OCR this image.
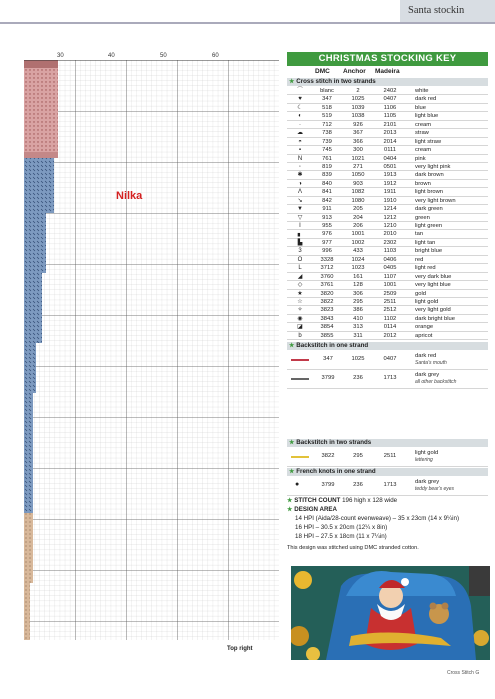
Santa stockin
30	40	50	60
Nilka
Top right
CHRISTMAS STOCKING KEY
DMC	Anchor	Madeira
★ Cross stitch in two strands
⌒	blanc	2	2402	white
♥	347	1025	0407	dark red
☾	518	1039	1106	blue
◐	519	1038	1105	light blue
·	712	926	2101	cream
☁	738	367	2013	straw
◓	739	366	2014	light straw
▪	745	300	0111	cream
N	761	1021	0404	pink
◦	819	271	0501	very light pink
✱	839	1050	1913	dark brown
◑	840	903	1912	brown
Λ	841	1082	1911	light brown
↘	842	1080	1910	very light brown
▼	911	205	1214	dark green
▽	913	204	1212	green
I	955	206	1210	light green
▖	976	1001	2010	tan
▙	977	1002	2302	light tan
3	996	433	1103	bright blue
O	3328	1024	0406	red
L	3712	1023	0405	light red
◢	3760	161	1107	very dark blue
◇	3761	128	1001	very light blue
★	3820	306	2509	gold
☆	3822	295	2511	light gold
✧	3823	386	2512	very light gold
◉	3843	410	1102	dark bright blue
◪	3854	313	0114	orange
b	3855	311	2012	apricot
★ Backstitch in one strand
347	1025	0407	dark red
Santa's mouth
3799	236	1713	dark grey
all other backstitch
★ Backstitch in two strands
3822	295	2511	light gold
lettering
★ French knots in one strand
●	3799	236	1713	dark grey
teddy bear's eyes
★ STITCH COUNT 196 high x 128 wide
★ DESIGN AREA
14 HPI (Aida/28-count evenweave) – 35 x 23cm (14 x 9¼in)
16 HPI – 30.5 x 20cm (12¼ x 8in)
18 HPI – 27.5 x 18cm (11 x 7¼in)
This design was stitched using DMC stranded cotton.
Cross Stitch G
